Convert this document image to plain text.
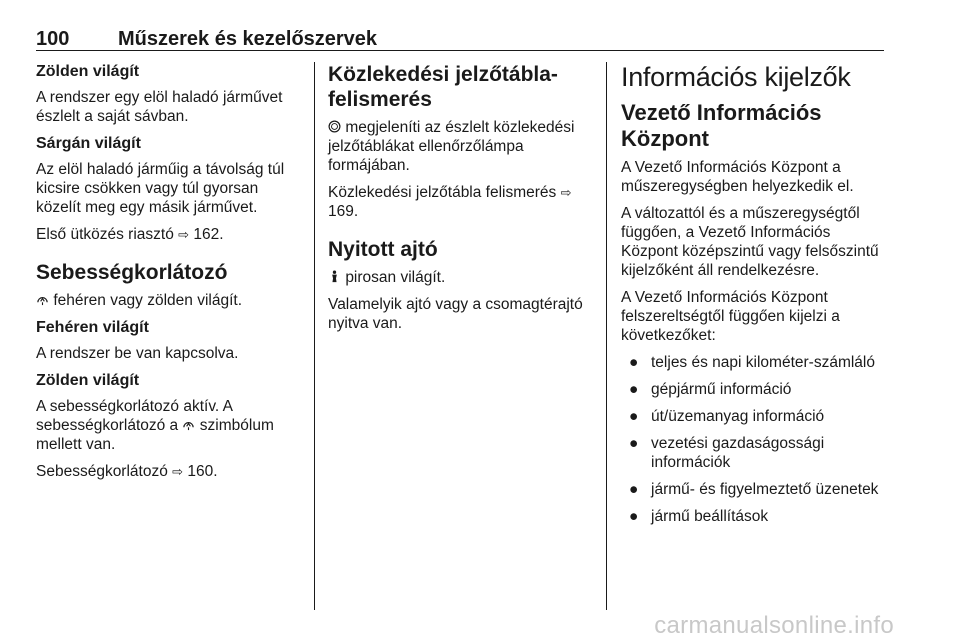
100 Műszerek és kezelőszervek
Zölden világít

A rendszer egy elöl haladó járművet észlelt a saját sávban.

Sárgán világít

Az elöl haladó járműig a távolság túl kicsire csökken vagy túl gyorsan közelít meg egy másik járművet.

Első ütközés riasztó ⇨ 162.

Sebességkorlátozó

fehéren vagy zölden világít.

Fehéren világít

A rendszer be van kapcsolva.

Zölden világít

A sebességkorlátozó aktív. A sebességkorlátozó a szimbólum mellett van.

Sebességkorlátozó ⇨ 160.

Közlekedési jelzőtábla-felismerés

megjeleníti az észlelt közlekedési jelzőtáblákat ellenőrzőlámpa formájában.

Közlekedési jelzőtábla felismerés ⇨ 169.

Nyitott ajtó

pirosan világít.

Valamelyik ajtó vagy a csomagtérajtó nyitva van.

Információs kijelzők
Vezető Információs Központ

A Vezető Információs Központ a műszeregységben helyezkedik el.

A változattól és a műszeregységtől függően, a Vezető Információs Központ középszintű vagy felsőszintű kijelzőként áll rendelkezésre.

A Vezető Információs Központ felszereltségtől függően kijelzi a következőket:

● teljes és napi kilométer-számláló
● gépjármű információ
● út/üzemanyag információ
● vezetési gazdaságossági információk
● jármű- és figyelmeztető üzenetek
● jármű beállítások
carmanualsonline.info
